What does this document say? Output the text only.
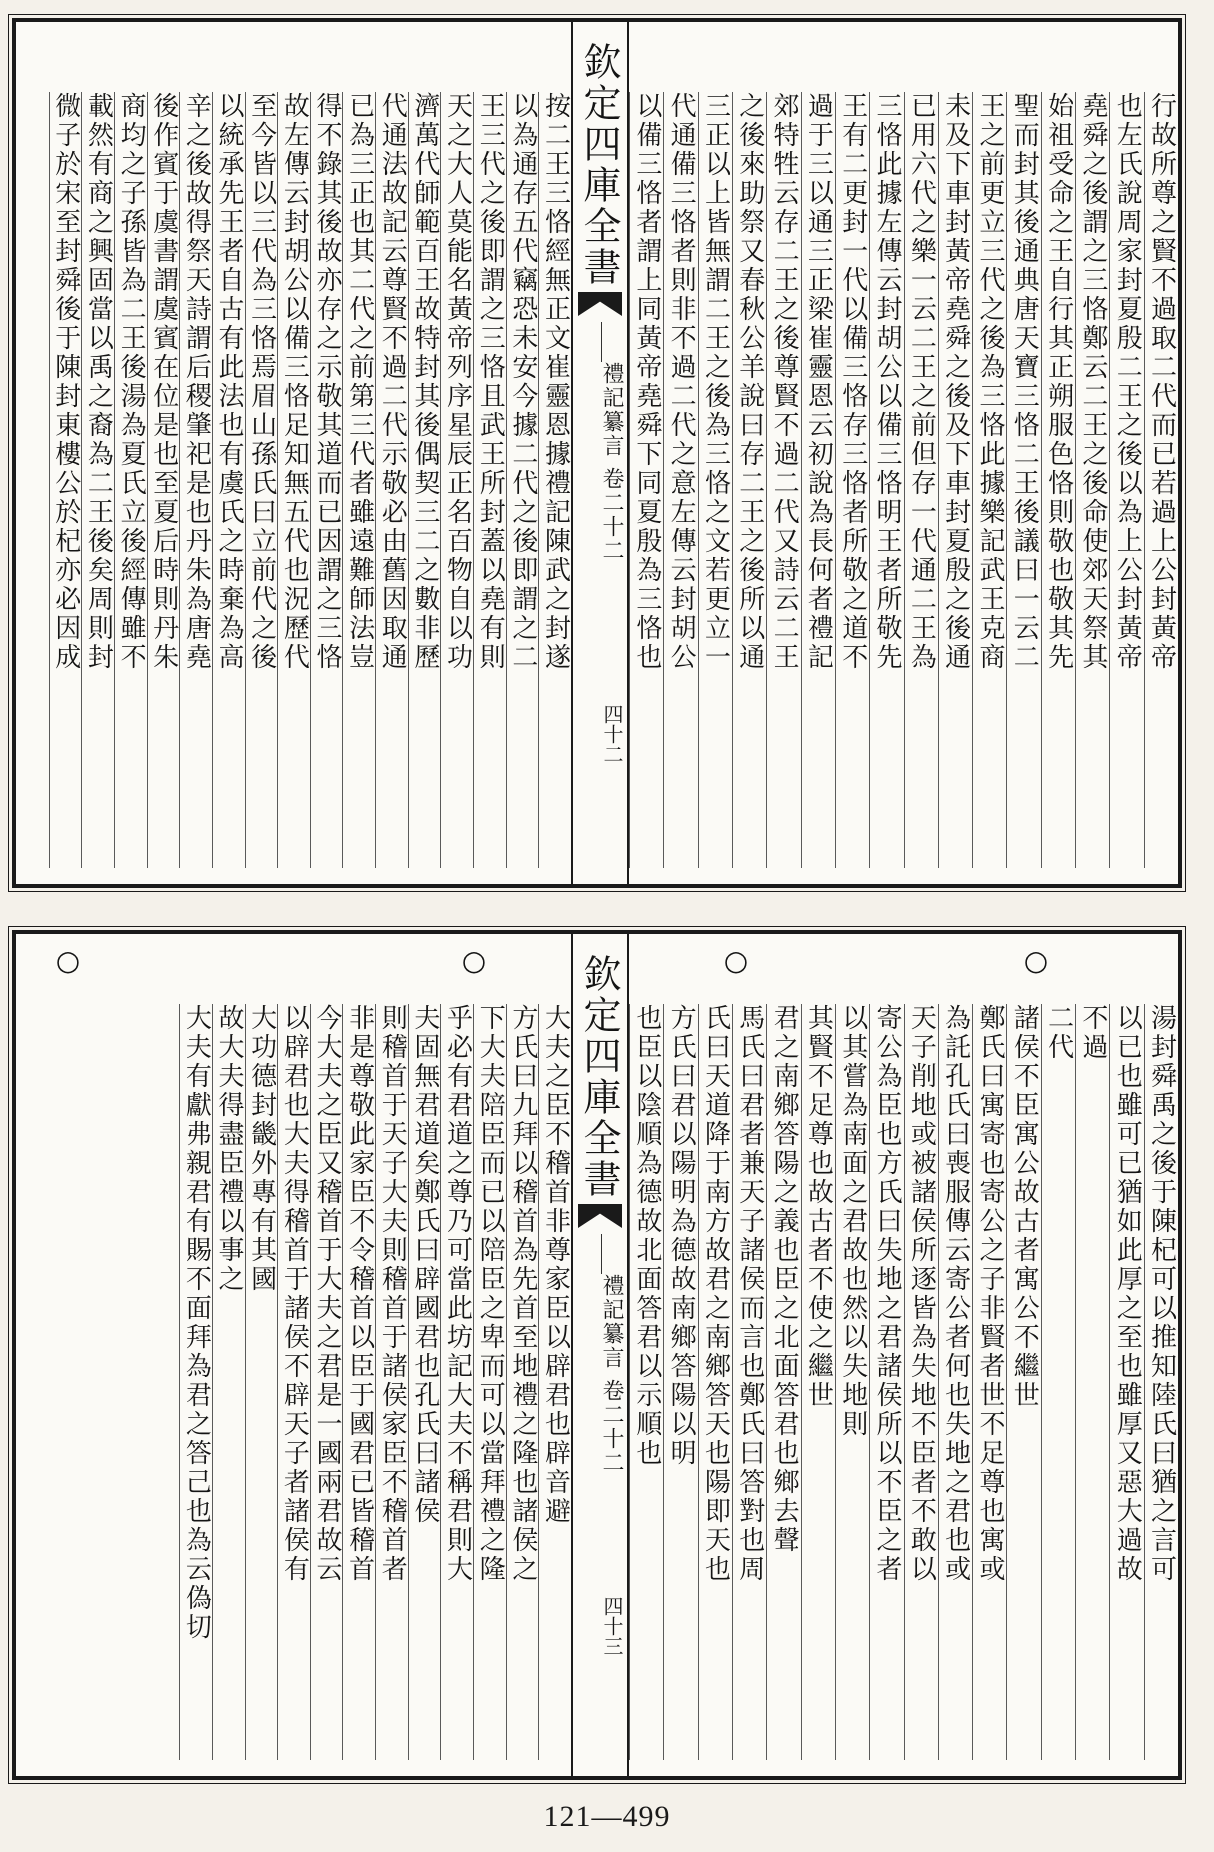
欽定四庫全書
禮記纂言 卷二十二
四十二
行故所尊之賢不過取二代而已若過上公封黃帝
也左氏說周家封夏殷二王之後以為上公封黃帝
堯舜之後謂之三恪鄭云二王之後命使郊天祭其
始祖受命之王自行其正朔服色恪則敬也敬其先
聖而封其後通典唐天寶三恪二王後議曰一云二
王之前更立三代之後為三恪此據樂記武王克商
未及下車封黃帝堯舜之後及下車封夏殷之後通
已用六代之樂一云二王之前但存一代通二王為
三恪此據左傳云封胡公以備三恪明王者所敬先
王有二更封一代以備三恪存三恪者所敬之道不
過于三以通三正梁崔靈恩云初說為長何者禮記
郊特牲云存二王之後尊賢不過二代又詩云二王
之後來助祭又春秋公羊說曰存二王之後所以通
三正以上皆無謂二王之後為三恪之文若更立一
代通備三恪者則非不過二代之意左傳云封胡公
以備三恪者謂上同黃帝堯舜下同夏殷為三恪也
按二王三恪經無正文崔靈恩據禮記陳武之封遂
以為通存五代竊恐未安今據二代之後即謂之二
王三代之後即謂之三恪且武王所封蓋以堯有則
天之大人莫能名黃帝列序星辰正名百物自以功
濟萬代師範百王故特封其後偶契三二之數非歷
代通法故記云尊賢不過二代示敬必由舊因取通
已為三正也其二代之前第三代者雖遠難師法豈
得不錄其後故亦存之示敬其道而已因謂之三恪
故左傳云封胡公以備三恪足知無五代也況歷代
至今皆以三代為三恪焉眉山孫氏曰立前代之後
以統承先王者自古有此法也有虞氏之時棄為高
辛之後故得祭天詩謂后稷肇祀是也丹朱為唐堯
後作賓于虞書謂虞賓在位是也至夏后時則丹朱
商均之子孫皆為二王後湯為夏氏立後經傳雖不
載然有商之興固當以禹之裔為二王後矣周則封
微子於宋至封舜後于陳封東樓公於杞亦必因成
欽定四庫全書
禮記纂言 卷二十二
四十三
湯封舜禹之後于陳杞可以推知陸氏曰猶之言可
以已也雖可已猶如此厚之至也雖厚又惡大過故
不過
二代
諸侯不臣寓公故古者寓公不繼世
鄭氏曰寓寄也寄公之子非賢者世不足尊也寓或
為託孔氏曰喪服傳云寄公者何也失地之君也或
天子削地或被諸侯所逐皆為失地不臣者不敢以
寄公為臣也方氏曰失地之君諸侯所以不臣之者
以其嘗為南面之君故也然以失地則
其賢不足尊也故古者不使之繼世
君之南鄉答陽之義也臣之北面答君也鄉去聲
馬氏曰君者兼天子諸侯而言也鄭氏曰答對也周
氏曰天道降于南方故君之南鄉答天也陽即天也
方氏曰君以陽明為德故南鄉答陽以明
也臣以陰順為德故北面答君以示順也
大夫之臣不稽首非尊家臣以辟君也辟音避
方氏曰九拜以稽首為先首至地禮之隆也諸侯之
下大夫陪臣而已以陪臣之卑而可以當拜禮之隆
乎必有君道之尊乃可當此坊記大夫不稱君則大
夫固無君道矣鄭氏曰辟國君也孔氏曰諸侯
則稽首于天子大夫則稽首于諸侯家臣不稽首者
非是尊敬此家臣不令稽首以臣于國君已皆稽首
今大夫之臣又稽首于大夫之君是一國兩君故云
以辟君也大夫得稽首于諸侯不辟天子者諸侯有
大功德封畿外專有其國
故大夫得盡臣禮以事之
大夫有獻弗親君有賜不面拜為君之答己也為云偽切
○
○
○
○
121—499
